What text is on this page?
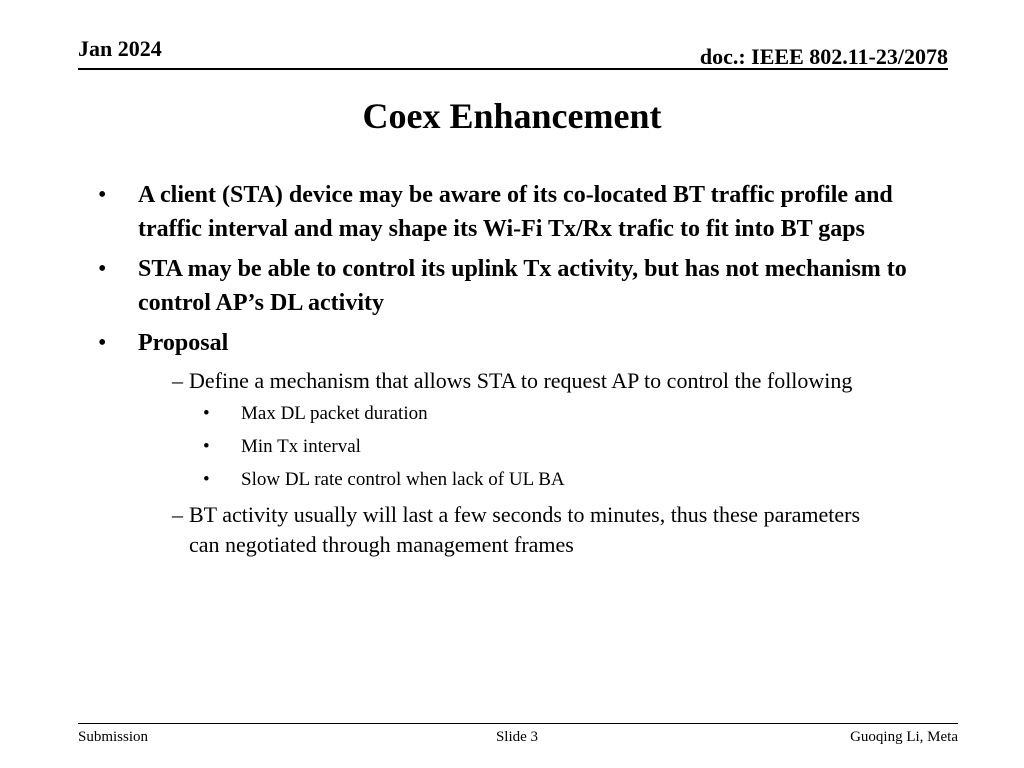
Jan 2024	doc.: IEEE 802.11-23/2078
Coex Enhancement
• A client (STA) device may be aware of its co-located BT traffic profile and traffic interval and may shape its Wi-Fi Tx/Rx trafic to fit into BT gaps
• STA may be able to control its uplink Tx activity, but has not mechanism to control AP’s DL activity
• Proposal
– Define a mechanism that allows STA to request AP to control the following
• Max DL packet duration
• Min Tx interval
• Slow DL rate control when lack of UL BA
– BT activity usually will last a few seconds to minutes, thus these parameters can negotiated through management frames
Submission	Slide 3	Guoqing Li, Meta
